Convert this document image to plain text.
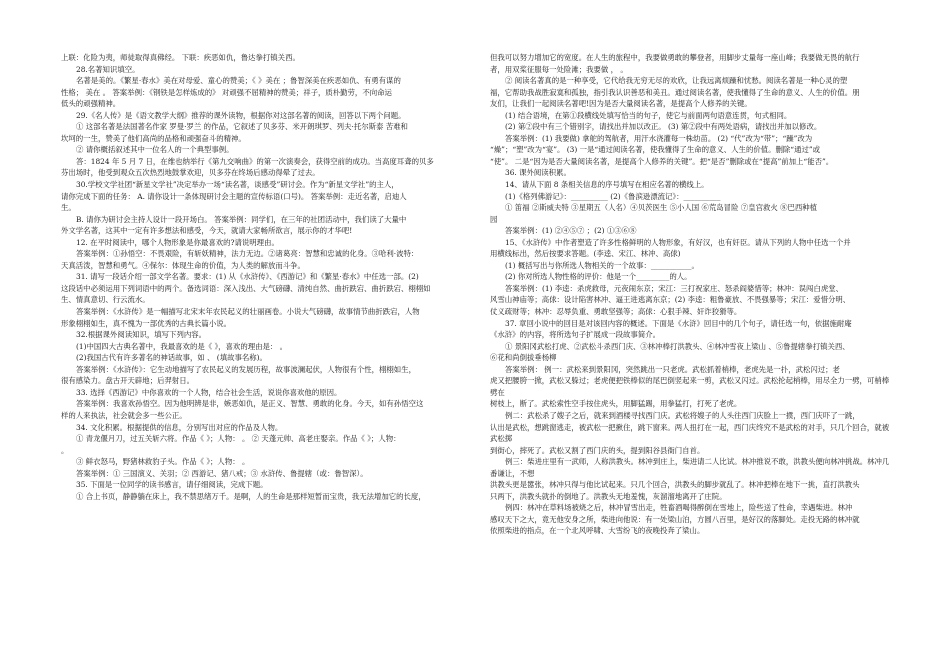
上联：化险为夷，师徒取得真佛经。 下联：疾恶如仇，鲁达拳打镇关西。

28.名著知识填空。

名著是美的。《繁星·春水》美在对母爱、童心的赞美；《 》美在 ；鲁智深美在疾恶如仇、有勇有谋的

性格； 美在 。 答案举例：《钢铁是怎样炼成的》 对顽强不屈精神的赞美；祥子，质朴勤劳，不向命运

低头的顽强精神。

29.《名人传》是《语文教学大纲》推荐的课外读物，根据你对这部名著的阅读，回答以下两个问题。

① 这部名著是法国著名作家 罗曼·罗兰 的作品，它叙述了贝多芬、米开朗琪罗、列夫·托尔斯泰 苦难和

坎坷的一生，赞美了他们高尚的品格和顽强奋斗的精神。

② 请你概括叙述其中一位名人的一个典型事例。

答：1824 年 5 月 7 日，在维也纳举行《第九交响曲》的第一次演奏会，获得空前的成功。当高度耳聋的贝多

芬出场时，他受到观众五次热烈地鼓掌欢迎，贝多芬在终场后感动得晕了过去。

30.学校文学社团“新星文学社”决定举办一场“读名著，谈感受”研讨会。作为“新星文学社”的主人，

请你完成下面的任务： A. 请你设计一条体现研讨会主题的宣传标语(口号)。 答案举例：走近名著，启迪人

生。

B. 请你为研讨会主持人设计一段开场白。 答案举例：同学们，在三年的社团活动中，我们读了大量中

外文学名著，这其中一定有许多想法和感受，今天，就请大家畅所欲言，展示你的才华吧!

12. 在平时阅读中，哪个人物形象是你最喜欢的?请说明理由。

答案举例：①孙悟空：不畏艰险，有斩妖精神，法力无边。②诸葛亮：智慧和忠诚的化身。③哈利·波特：

天真活泼，智慧和勇气。④保尔：体现生命的价值，为人类的解放而斗争。

31. 请写一段话介绍一部文学名著。要求：(1) 从《水浒传》、《西游记》和《繁星·春水》中任选一部。(2)

这段话中必须运用下列词语中的两个。备选词语：深入浅出、大气磅礴、清纯自然、曲折跌宕、曲折跌宕、栩栩如

生、情真意切、行云流水。

答案举例：《水浒传》是一幅描写北宋末年农民起义的壮丽画卷。小说大气磅礴，故事情节曲折跌宕，人物

形象栩栩如生，真不愧为一部优秀的古典长篇小说。

32.根据课外阅读知识，填写下列内容。

(1)中国四大古典名著中，我最喜欢的是《 》，喜欢的理由是： 。

(2)我国古代有许多著名的神话故事，如 、 (填故事名称)。

答案举例：《水浒传》：它生动地描写了农民起义的发展历程，故事波澜起伏，人物很有个性，栩栩如生，

很有感染力。盘古开天辟地；后羿射日。

33. 选择《西游记》中你喜欢的一个人物，结合社会生活，说说你喜欢他的原因。

答案举例：我喜欢孙悟空。因为他明辨是非，嫉恶如仇，是正义、智慧、勇敢的化身。今天，如有孙悟空这

样的人来执法，社会就会多一些公正。

34. 文化积累。根据提供的信息，分别写出对应的作品及人物。

① 青龙偃月刀，过五关斩六将。作品《 》；人物： 。 ② 天蓬元帅、高老庄娶亲。作品《 》；人物：

。

③ 鲜衣怒马，野猪林救豹子头。作品《 》；人物： 。

答案举例：① 三国演义、关羽；② 西游记、猪八戒；③ 水浒传、鲁提辖（或：鲁智深）。

35. 下面是一位同学的读书感言，请仔细阅读，完成下题。

① 合上书页，静静躺在床上，我不禁思绪万千。是啊，人的生命是那样短暂而宝贵，我无法增加它的长度，

但我可以努力增加它的宽度。在人生的旅程中，我要做勇敢的攀登者，用脚步丈量每一座山峰；我要做无畏的航行

者，用双桨征服每一处险滩；我要做 ， 。

② 阅读名著真的是一种享受，它代给我无穷无尽的欢欣，让我远离烦躁和忧愁。阅读名著是一种心灵的塑

福，它帮助我战胜寂寞和孤独，指引我认识善恶和美丑。通过阅读名著，使我懂得了生命的意义、人生的价值。朋

友们，让我们一起阅读名著吧!因为是否大量阅读名著，是提高个人修养的关键。

(1) 结合语境，在第①段横线处填写恰当的句子，使它与前面两句语意连贯，句式相同。

(2) 第②段中有三个错别字，请找出并加以改正。 (3) 第②段中有两处语病，请找出并加以修改。

答案举例：(1) 我要做) 拿舵的驾航者，用汗水浇灌每一株幼苗。 (2) “代”改为“带”；“躁”改为

“燥”；“塑”改为“宴”。 (3) 一是“通过阅读名著，使我懂得了生命的意义、人生的价值。删除“通过”或

“使”。 二是“因为是否大量阅读名著，是提高个人修养的关键”。把“是否”删除或在“提高”前加上“能否”。

36. 课外阅读积累。

14、请从下面 8 条相关信息的序号填写在相应名著的横线上。

(1)《格列佛游记》：__________ (2)《鲁滨逊漂流记》：__________

① 笛福 ②斯威夫特 ③星期五（人名）④贝茨医生 ⑤小人国 ⑥荒岛冒险 ⑦皇宫救火 ⑧巴西种植

园

答案举例：(1) ②④⑤⑦ ；(2) ①③⑥⑧

15、《水浒传》中作者塑造了许多性格鲜明的人物形象，有好汉，也有奸臣。请从下列的人物中任选一个并

用横线标出，然后按要求答题。(李逵、宋江、林冲、高俅)

(1) 概括写出与你所选人物相关的一个故事：___________。

(2) 你对所选人物性格的评价：他是一个_________的人。

答案举例：(1) 李逵：杀虎救母，元夜闹东京；宋江：三打祝家庄、怒杀阎婆惜等；林冲：误闯白虎堂、

风雪山神庙等；高俅：设计陷害林冲、逼王进逃离东京；(2) 李逵：粗鲁豪放、不畏强暴等；宋江：爱惜分明、

仗义疏财等；林冲：忍辱负重、勇敢坚强等；高俅：心狠手辣、奸诈狡猾等。

37. 章回小说中的回目是对该回内容的概述。下面是《水浒》回目中的几个句子，请任选一句，依据施耐庵

《水浒》的内容，将所选句子扩展成一段故事简介。

① 景阳冈武松打虎、②武松斗杀西门庆、③林冲棒打洪教头、④林冲雪夜上梁山 、⑤鲁提辖拳打镇关西、

⑥花和尚倒拔垂杨柳

答案举例： 例一：武松来到景阳冈，突然跳出一只老虎。武松抓着梢棒，老虎先是一扑，武松闪过；老

虎又把腰胯一掀，武松又躲过；老虎便把铁棒似的尾巴倒竖起来一剪，武松又闪过。武松抡起梢棒，用尽全力一劈，可梢棒劈在

树枝上，断了。武松索性空手按住虎头，用脚猛踢，用拳猛打，打死了老虎。

例二：武松杀了嫂子之后，就来到酒楼寻找西门庆。武松将嫂子的人头往西门庆脸上一掼，西门庆吓了一跳，

认出是武松，想跳窗逃走，被武松一把揪住，跳下窗来。两人扭打在一起，西门庆终究不是武松的对手，只几个回合，就被武松掷

到街心，摔死了。武松又割了西门庆的头，提到阳谷县衙门自首。

例三：柴进庄里有一武师，人称洪教头。林冲到庄上，柴进请二人比试。林冲推说不敢，洪教头便向林冲挑战。林冲几番谦让，不想

洪教头更是嚣张，林冲只得与他比试起来。只几个回合，洪教头的脚步就乱了。林冲把棒在地下一挑，直打洪教头

只两下，洪教头就扑的倒地了。洪教头无地羞愧，灰溜溜地离开了庄院。

例四：林冲在草料场被烧之后，林冲冒雪出走，牲畜酒喝得醉倒在雪地上，险些送了性命，幸遇柴进。林冲

感叹天下之大，竟无他安身之所，柴进向他说：有一处梁山泊，方圆八百里，是好汉的落脚处。走投无路的林冲就

依照柴进的指点，在一个北风呼啸、大雪纷飞的夜晚投奔了梁山。
